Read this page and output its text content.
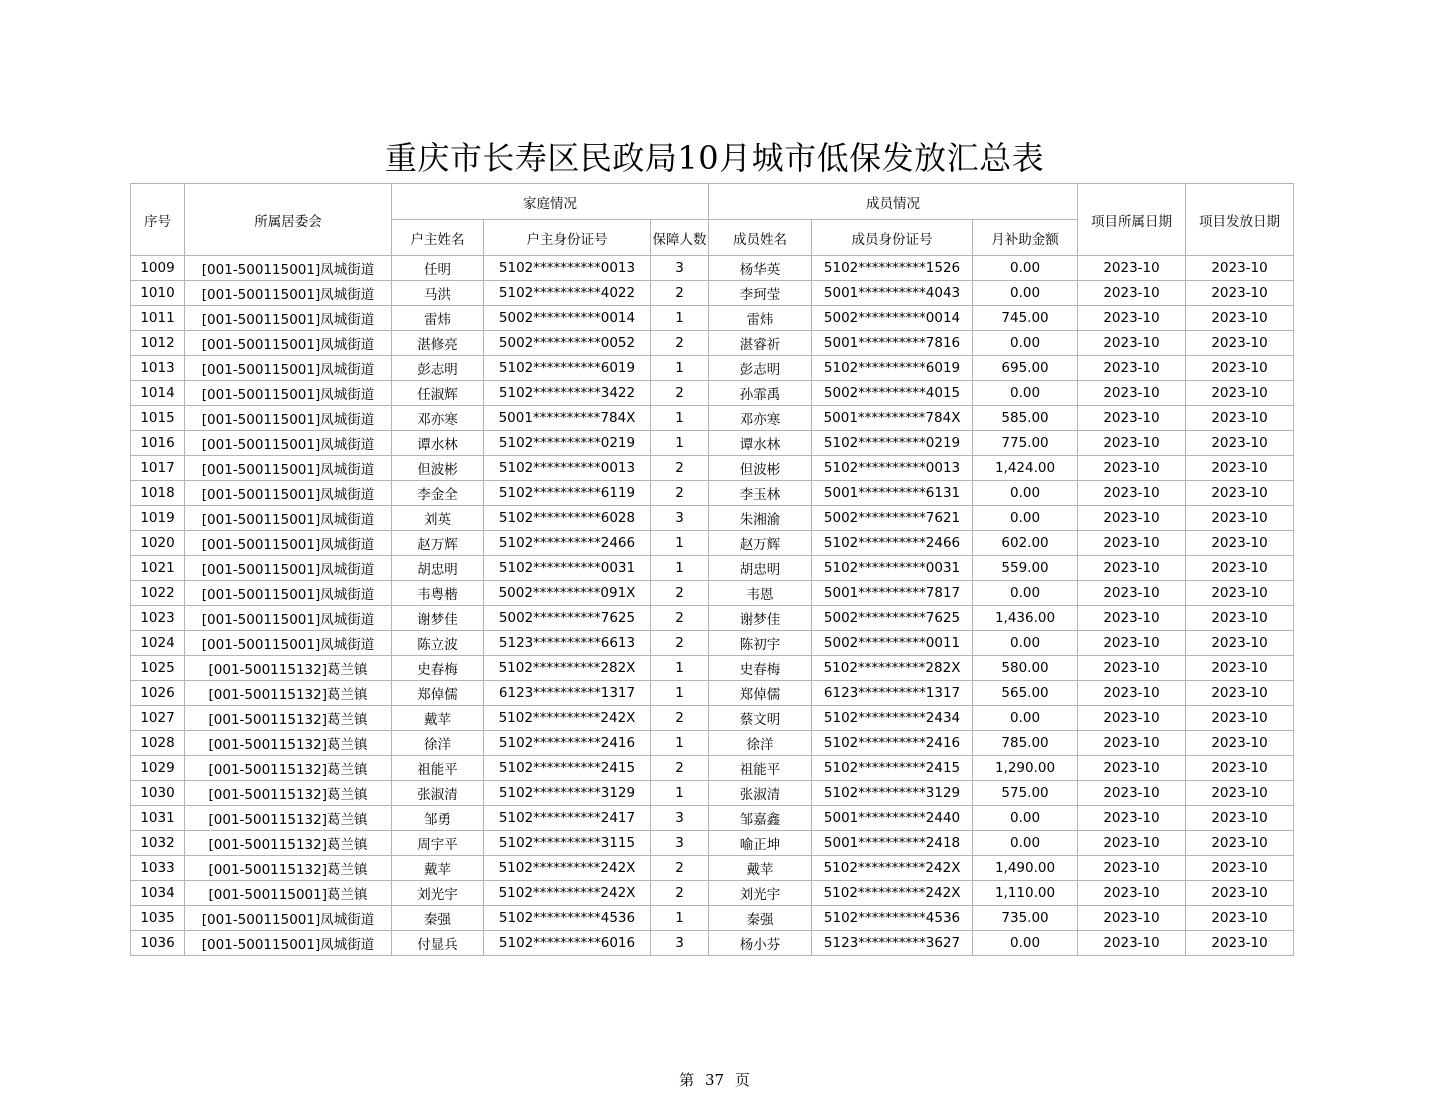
重庆市长寿区民政局10月城市低保发放汇总表
序号	所属居委会	家庭情况			成员情况			项目所属日期	项目发放日期
		户主姓名	户主身份证号	保障人数	成员姓名	成员身份证号	月补助金额		
1009	[001-500115001]凤城街道	任明	5102**********0013	3	杨华英	5102**********1526	0.00	2023-10	2023-10
1010	[001-500115001]凤城街道	马洪	5102**********4022	2	李珂莹	5001**********4043	0.00	2023-10	2023-10
1011	[001-500115001]凤城街道	雷炜	5002**********0014	1	雷炜	5002**********0014	745.00	2023-10	2023-10
1012	[001-500115001]凤城街道	湛修亮	5002**********0052	2	湛睿祈	5001**********7816	0.00	2023-10	2023-10
1013	[001-500115001]凤城街道	彭志明	5102**********6019	1	彭志明	5102**********6019	695.00	2023-10	2023-10
1014	[001-500115001]凤城街道	任淑辉	5102**********3422	2	孙霏禹	5002**********4015	0.00	2023-10	2023-10
1015	[001-500115001]凤城街道	邓亦寒	5001**********784X	1	邓亦寒	5001**********784X	585.00	2023-10	2023-10
1016	[001-500115001]凤城街道	谭水林	5102**********0219	1	谭水林	5102**********0219	775.00	2023-10	2023-10
1017	[001-500115001]凤城街道	但波彬	5102**********0013	2	但波彬	5102**********0013	1,424.00	2023-10	2023-10
1018	[001-500115001]凤城街道	李金全	5102**********6119	2	李玉林	5001**********6131	0.00	2023-10	2023-10
1019	[001-500115001]凤城街道	刘英	5102**********6028	3	朱湘渝	5002**********7621	0.00	2023-10	2023-10
1020	[001-500115001]凤城街道	赵万辉	5102**********2466	1	赵万辉	5102**********2466	602.00	2023-10	2023-10
1021	[001-500115001]凤城街道	胡忠明	5102**********0031	1	胡忠明	5102**********0031	559.00	2023-10	2023-10
1022	[001-500115001]凤城街道	韦粤楷	5002**********091X	2	韦恩	5001**********7817	0.00	2023-10	2023-10
1023	[001-500115001]凤城街道	谢梦佳	5002**********7625	2	谢梦佳	5002**********7625	1,436.00	2023-10	2023-10
1024	[001-500115001]凤城街道	陈立波	5123**********6613	2	陈初宇	5002**********0011	0.00	2023-10	2023-10
1025	[001-500115132]葛兰镇	史春梅	5102**********282X	1	史春梅	5102**********282X	580.00	2023-10	2023-10
1026	[001-500115132]葛兰镇	郑倬儒	6123**********1317	1	郑倬儒	6123**********1317	565.00	2023-10	2023-10
1027	[001-500115132]葛兰镇	戴苹	5102**********242X	2	蔡文明	5102**********2434	0.00	2023-10	2023-10
1028	[001-500115132]葛兰镇	徐洋	5102**********2416	1	徐洋	5102**********2416	785.00	2023-10	2023-10
1029	[001-500115132]葛兰镇	祖能平	5102**********2415	2	祖能平	5102**********2415	1,290.00	2023-10	2023-10
1030	[001-500115132]葛兰镇	张淑清	5102**********3129	1	张淑清	5102**********3129	575.00	2023-10	2023-10
1031	[001-500115132]葛兰镇	邹勇	5102**********2417	3	邹嘉鑫	5001**********2440	0.00	2023-10	2023-10
1032	[001-500115132]葛兰镇	周宇平	5102**********3115	3	喻正坤	5001**********2418	0.00	2023-10	2023-10
1033	[001-500115132]葛兰镇	戴苹	5102**********242X	2	戴苹	5102**********242X	1,490.00	2023-10	2023-10
1034	[001-500115001]葛兰镇	刘光宇	5102**********242X	2	刘光宇	5102**********242X	1,110.00	2023-10	2023-10
1035	[001-500115001]凤城街道	秦强	5102**********4536	1	秦强	5102**********4536	735.00	2023-10	2023-10
1036	[001-500115001]凤城街道	付显兵	5102**********6016	3	杨小芬	5123**********3627	0.00	2023-10	2023-10
第 37 页
